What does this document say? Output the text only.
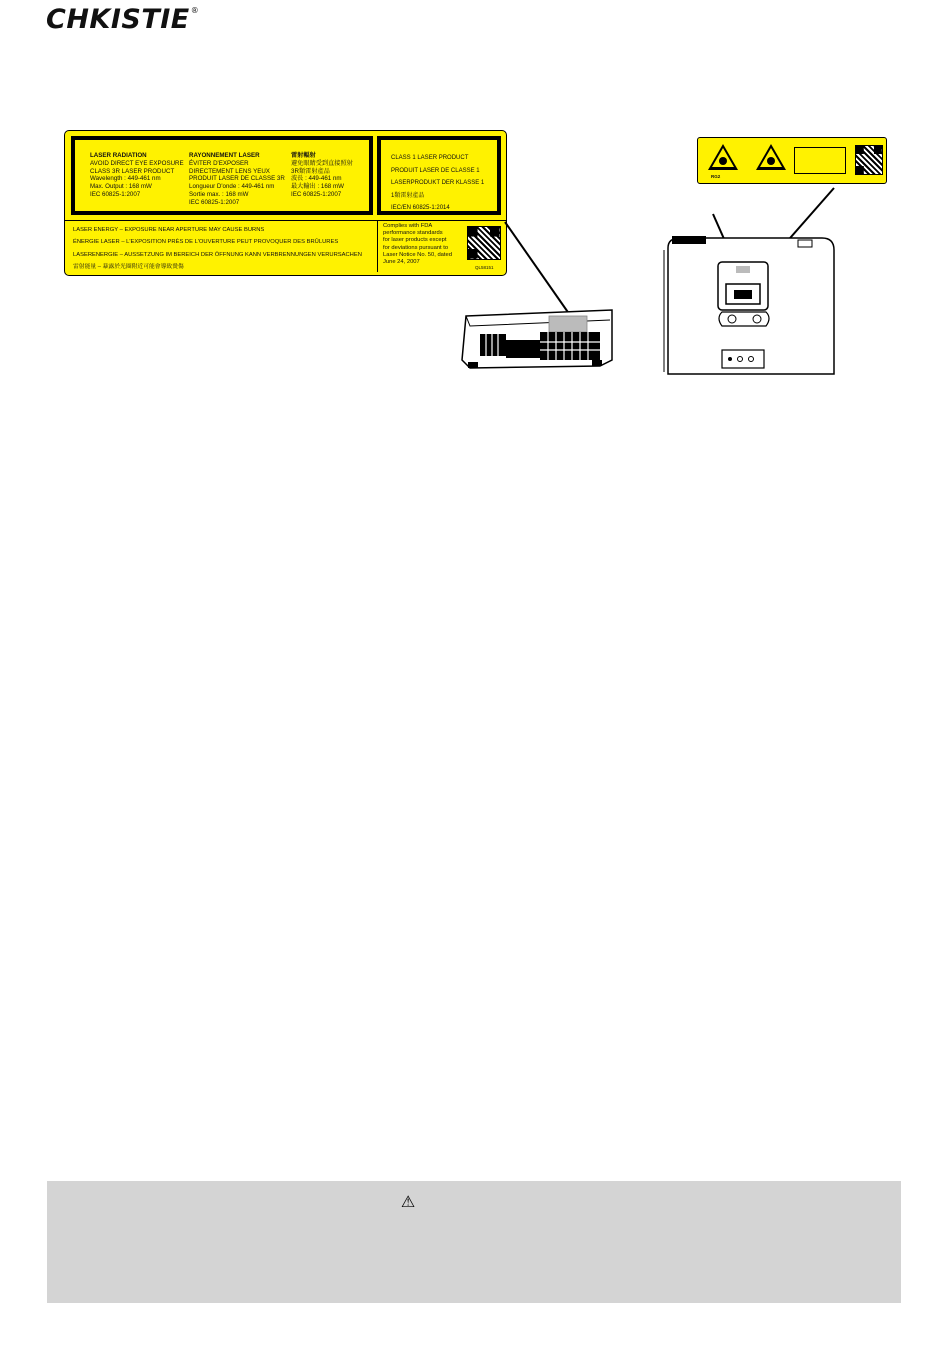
CHKISTIE®
LASER RADIATION
AVOID DIRECT EYE EXPOSURE
CLASS 3R LASER PRODUCT
Wavelength : 449-461 nm
Max. Output : 168 mW
IEC 60825-1:2007
RAYONNEMENT LASER
ÉVITER D'EXPOSER
DIRECTEMENT LENS YEUX
PRODUIT LASER DE CLASSE 3R
Longueur D'onde : 449-461 nm
Sortie max. : 168 mW
IEC 60825-1:2007
雷射輻射
避免眼睛受到直接照射
3R類雷射產品
波長 : 449-461 nm
最大輸出 : 168 mW
IEC 60825-1:2007
CLASS 1 LASER PRODUCT
PRODUIT LASER DE CLASSE 1
LASERPRODUKT DER KLASSE 1
1類雷射產品
IEC/EN 60825-1:2014
LASER ENERGY – EXPOSURE NEAR APERTURE MAY CAUSE BURNS
ÉNERGIE LASER – L'EXPOSITION PRÈS DE L'OUVERTURE PEUT PROVOQUER DES BRÛLURES
LASERENERGIE – AUSSETZUNG IM BEREICH DER ÖFFNUNG KANN VERBRENNUNGEN VERURSACHEN
雷射能量 – 暴露於光圈附近可能會導致燙傷
Complies with FDA
performance standards
for laser products except
for deviations pursuant to
Laser Notice No. 50, dated
June 24, 2007
QL58151
RG2
⚠
